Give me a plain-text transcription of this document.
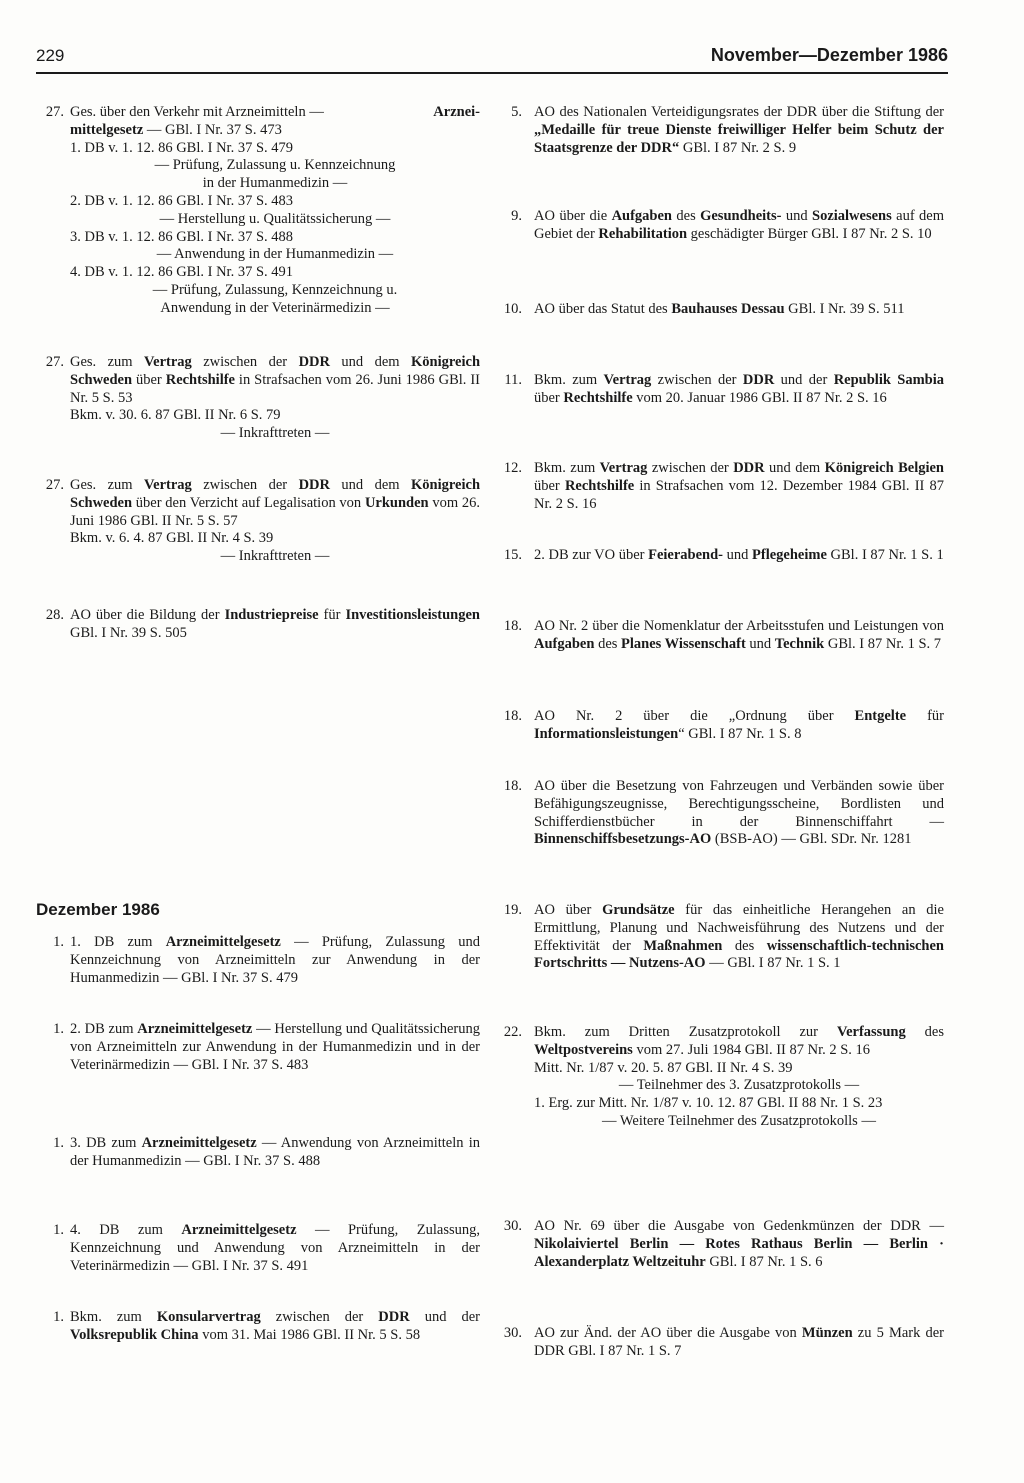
229	November—Dezember 1986
27. Ges. über den Verkehr mit Arzneimitteln —	Arznei-
mittelgesetz — GBl. I Nr. 37 S. 473
1. DB v. 1. 12. 86 GBl. I Nr. 37 S. 479
— Prüfung, Zulassung u. Kennzeichnung
in der Humanmedizin —
2. DB v. 1. 12. 86 GBl. I Nr. 37 S. 483
— Herstellung u. Qualitätssicherung —
3. DB v. 1. 12. 86 GBl. I Nr. 37 S. 488
— Anwendung in der Humanmedizin —
4. DB v. 1. 12. 86 GBl. I Nr. 37 S. 491
— Prüfung, Zulassung, Kennzeichnung u.
Anwendung in der Veterinärmedizin —
27. Ges. zum Vertrag zwischen der DDR und dem Königreich Schweden über Rechtshilfe in Strafsachen vom 26. Juni 1986 GBl. II Nr. 5 S. 53
Bkm. v. 30. 6. 87 GBl. II Nr. 6 S. 79
— Inkrafttreten —
27. Ges. zum Vertrag zwischen der DDR und dem Königreich Schweden über den Verzicht auf Legalisation von Urkunden vom 26. Juni 1986 GBl. II Nr. 5 S. 57
Bkm. v. 6. 4. 87 GBl. II Nr. 4 S. 39
— Inkrafttreten —
28. AO über die Bildung der Industriepreise für Investitionsleistungen GBl. I Nr. 39 S. 505
Dezember 1986
1. 1. DB zum Arzneimittelgesetz — Prüfung, Zulassung und Kennzeichnung von Arzneimitteln zur Anwendung in der Humanmedizin — GBl. I Nr. 37 S. 479
1. 2. DB zum Arzneimittelgesetz — Herstellung und Qualitätssicherung von Arzneimitteln zur Anwendung in der Humanmedizin und in der Veterinärmedizin — GBl. I Nr. 37 S. 483
1. 3. DB zum Arzneimittelgesetz — Anwendung von Arzneimitteln in der Humanmedizin — GBl. I Nr. 37 S. 488
1. 4. DB zum Arzneimittelgesetz — Prüfung, Zulassung, Kennzeichnung und Anwendung von Arzneimitteln in der Veterinärmedizin — GBl. I Nr. 37 S. 491
1. Bkm. zum Konsularvertrag zwischen der DDR und der Volksrepublik China vom 31. Mai 1986 GBl. II Nr. 5 S. 58
5. AO des Nationalen Verteidigungsrates der DDR über die Stiftung der „Medaille für treue Dienste freiwilliger Helfer beim Schutz der Staatsgrenze der DDR“ GBl. I 87 Nr. 2 S. 9
9. AO über die Aufgaben des Gesundheits- und Sozialwesens auf dem Gebiet der Rehabilitation geschädigter Bürger GBl. I 87 Nr. 2 S. 10
10. AO über das Statut des Bauhauses Dessau GBl. I Nr. 39 S. 511
11. Bkm. zum Vertrag zwischen der DDR und der Republik Sambia über Rechtshilfe vom 20. Januar 1986 GBl. II 87 Nr. 2 S. 16
12. Bkm. zum Vertrag zwischen der DDR und dem Königreich Belgien über Rechtshilfe in Strafsachen vom 12. Dezember 1984 GBl. II 87 Nr. 2 S. 16
15. 2. DB zur VO über Feierabend- und Pflegeheime GBl. I 87 Nr. 1 S. 1
18. AO Nr. 2 über die Nomenklatur der Arbeitsstufen und Leistungen von Aufgaben des Planes Wissenschaft und Technik GBl. I 87 Nr. 1 S. 7
18. AO Nr. 2 über die „Ordnung über Entgelte für Informationsleistungen“ GBl. I 87 Nr. 1 S. 8
18. AO über die Besetzung von Fahrzeugen und Verbänden sowie über Befähigungszeugnisse, Berechtigungsscheine, Bordlisten und Schifferdienstbücher in der Binnenschiffahrt — Binnenschiffsbesetzungs-AO (BSB-AO) — GBl. SDr. Nr. 1281
19. AO über Grundsätze für das einheitliche Herangehen an die Ermittlung, Planung und Nachweisführung des Nutzens und der Effektivität der Maßnahmen des wissenschaftlich-technischen Fortschritts — Nutzens-AO — GBl. I 87 Nr. 1 S. 1
22. Bkm. zum Dritten Zusatzprotokoll zur Verfassung des Weltpostvereins vom 27. Juli 1984 GBl. II 87 Nr. 2 S. 16
Mitt. Nr. 1/87 v. 20. 5. 87 GBl. II Nr. 4 S. 39
— Teilnehmer des 3. Zusatzprotokolls —
1. Erg. zur Mitt. Nr. 1/87 v. 10. 12. 87 GBl. II 88 Nr. 1 S. 23
— Weitere Teilnehmer des Zusatzprotokolls —
30. AO Nr. 69 über die Ausgabe von Gedenkmünzen der DDR — Nikolaiviertel Berlin — Rotes Rathaus Berlin — Berlin · Alexanderplatz Weltzeituhr GBl. I 87 Nr. 1 S. 6
30. AO zur Änd. der AO über die Ausgabe von Münzen zu 5 Mark der DDR GBl. I 87 Nr. 1 S. 7
